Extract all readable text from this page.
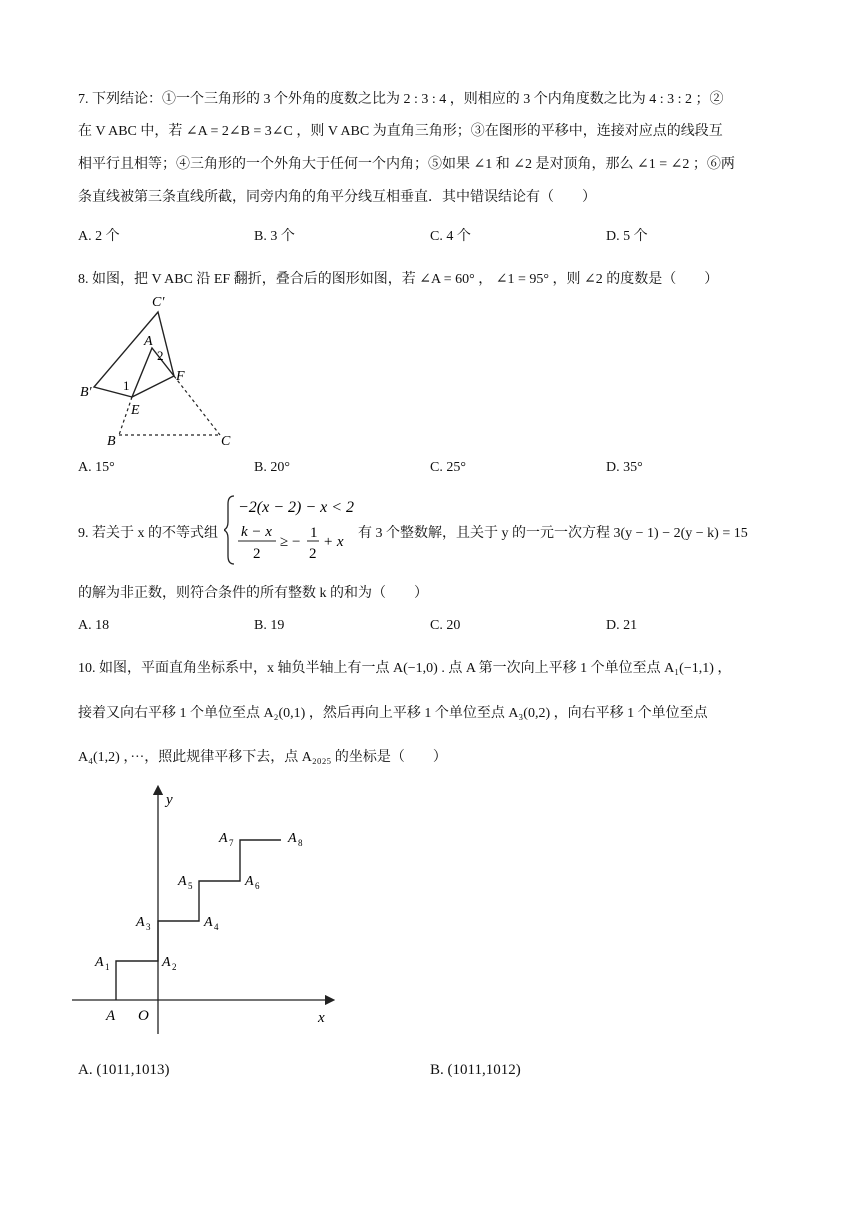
7. 下列结论：①一个三角形的 3 个外角的度数之比为 2 : 3 : 4 ，则相应的 3 个内角度数之比为 4 : 3 : 2 ；②
在 V ABC 中，若 ∠A = 2∠B = 3∠C ，则 V ABC 为直角三角形；③在图形的平移中，连接对应点的线段互
相平行且相等；④三角形的一个外角大于任何一个内角；⑤如果 ∠1 和 ∠2 是对顶角，那么 ∠1 = ∠2 ；⑥两
条直线被第三条直线所截，同旁内角的角平分线互相垂直．其中错误结论有（　　）
A. 2 个	B. 3 个	C. 4 个	D. 5 个
8. 如图，把 V ABC 沿 EF 翻折，叠合后的图形如图，若 ∠A = 60° ， ∠1 = 95° ，则 ∠2 的度数是（　　）
C′
A
2
F
B′ 1
E
B	C
A. 15°	B. 20°	C. 25°	D. 35°
9. 若关于 x 的不等式组
−2(x − 2) − x < 2
k − x
2
≥ −
1
2
+ x
有 3 个整数解，且关于 y 的一元一次方程 3(y − 1) − 2(y − k) = 15
的解为非正数，则符合条件的所有整数 k 的和为（　　）
A. 18	B. 19	C. 20	D. 21
10. 如图，平面直角坐标系中，x 轴负半轴上有一点 A(−1,0) . 点 A 第一次向上平移 1 个单位至点 A₁(−1,1) ，
接着又向右平移 1 个单位至点 A₂(0,1) ，然后再向上平移 1 个单位至点 A₃(0,2) ，向右平移 1 个单位至点
A₄(1,2) ，···，照此规律平移下去，点 A₂₀₂₅ 的坐标是（　　）
y
x
O
A
A 1	A 2
A 3	A 4
A 5	A 6
A 7	A 8
A. (1011,1013)	B. (1011,1012)
